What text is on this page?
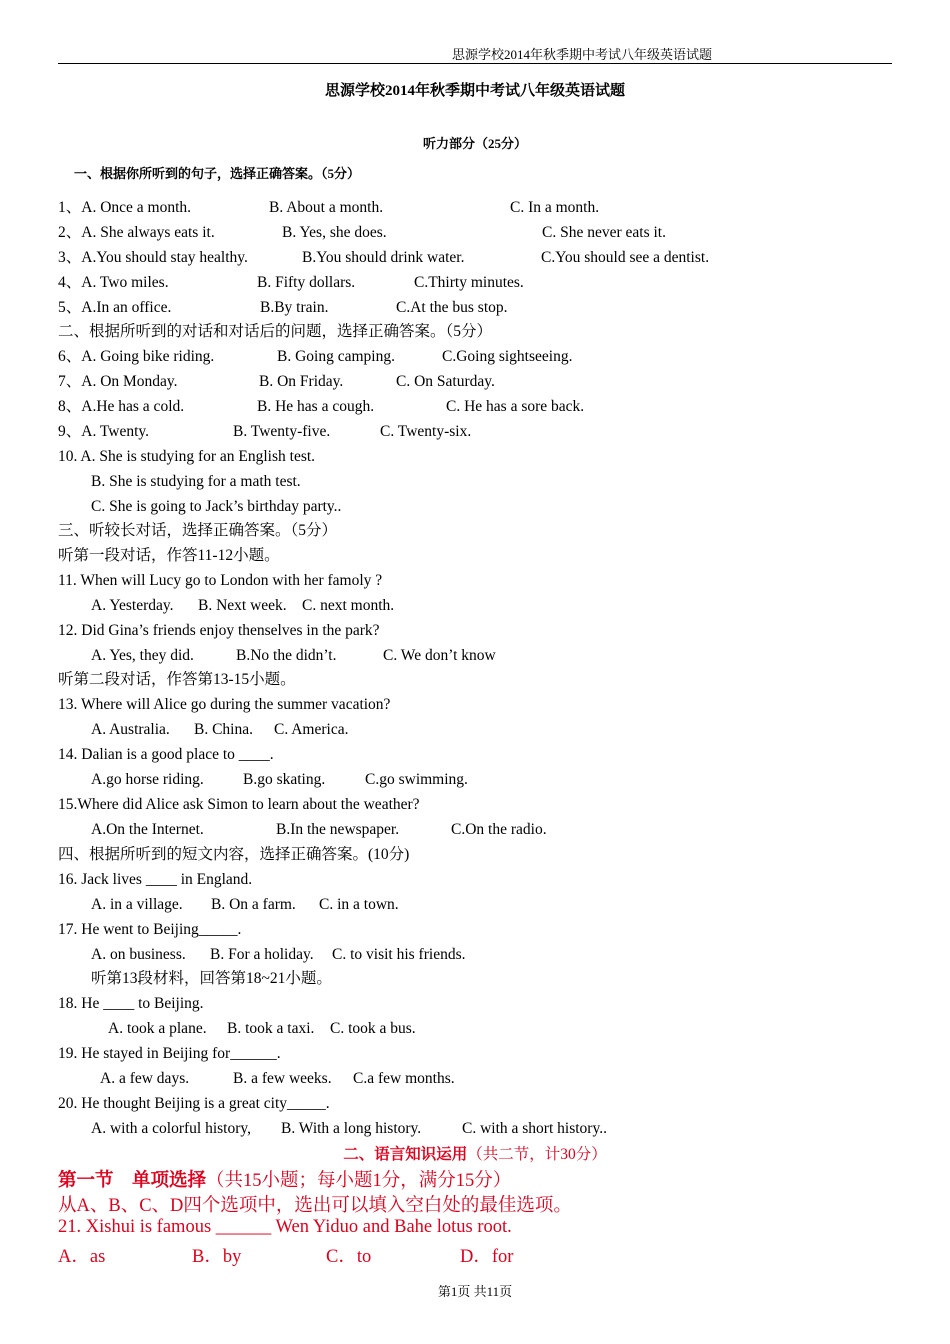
思源学校2014年秋季期中考试八年级英语试题
思源学校2014年秋季期中考试八年级英语试题
听力部分（25分）
一、根据你所听到的句子，选择正确答案。（5分）
1、A. Once a month.	B. About a month.	C. In a month.
2、A. She always eats it.	B. Yes, she does.	C. She never eats it.
3、A.You should stay healthy.	B.You should drink water.	C.You should see a dentist.
4、A. Two miles.	B. Fifty dollars.	C.Thirty minutes.
5、A.In an office.	B.By train.	C.At the bus stop.
二、根据所听到的对话和对话后的问题，选择正确答案。（5分）
6、A. Going bike riding.	B. Going camping.	C.Going sightseeing.
7、A. On Monday.	B. On Friday.	C. On Saturday.
8、A.He has a cold.	B. He has a cough.	C. He has a sore back.
9、A. Twenty.	B. Twenty-five.	C. Twenty-six.
10. A. She is studying for an English test.
B. She is studying for a math test.
C. She is going to Jack’s birthday party..
三、听较长对话，选择正确答案。（5分）
听第一段对话，作答11-12小题。
11. When will Lucy go to London with her famoly ?
A. Yesterday. B. Next week. C. next month.
12. Did Gina’s friends enjoy thenselves in the park?
A. Yes, they did.	B.No the didn’t.	C. We don’t know
听第二段对话，作答第13-15小题。
13. Where will Alice go during the summer vacation?
A. Australia. B. China. C. America.
14. Dalian is a good place to ____.
A.go horse riding.	B.go skating.	C.go swimming.
15.Where did Alice ask Simon to learn about the weather?
A.On the Internet.	B.In the newspaper.	C.On the radio.
四、根据所听到的短文内容，选择正确答案。(10分)
16. Jack lives ____ in England.
A. in a village. B. On a farm. C. in a town.
17. He went to Beijing_____.
A. on business. B. For a holiday. C. to visit his friends.
听第13段材料，回答第18~21小题。
18. He ____ to Beijing.
A. took a plane. B. took a taxi. C. took a bus.
19. He stayed in Beijing for______.
A. a few days.	B. a few weeks. C.a few months.
20. He thought Beijing is a great city_____.
A. with a colorful history, B. With a long history.	C. with a short history..
二、语言知识运用（共二节，计30分）
第一节　单项选择（共15小题；每小题1分，满分15分）
从A、B、C、D四个选项中，选出可以填入空白处的最佳选项。
21. Xishui is famous ______ Wen Yiduo and Bahe lotus root.
A．as	B．by	C．to	D．for
第1页 共11页
